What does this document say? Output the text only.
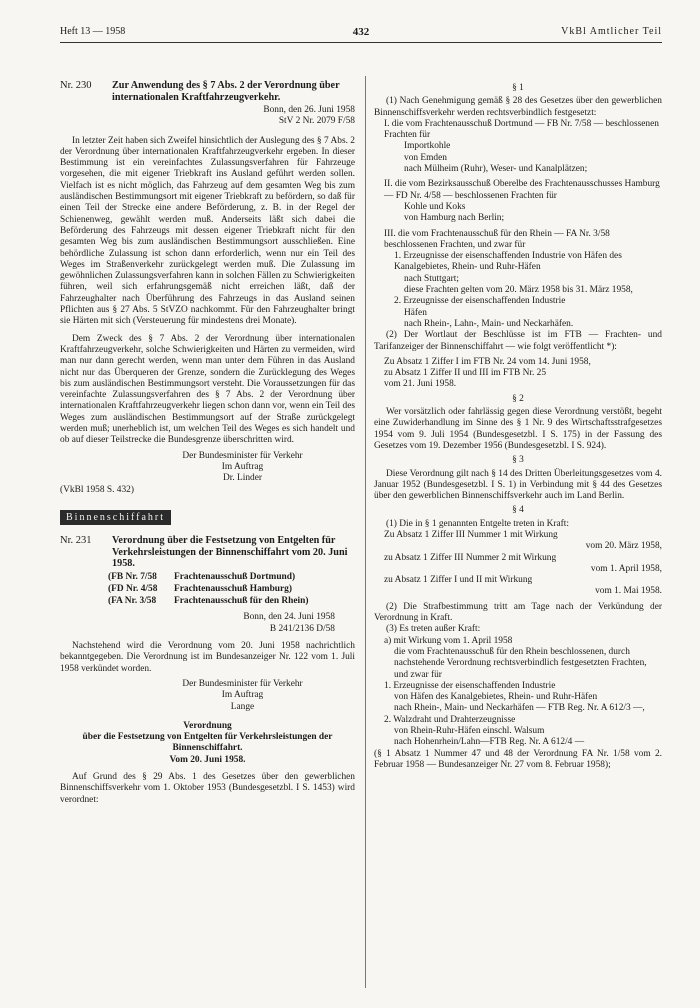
Heft 13 — 1958	432	VkBl Amtlicher Teil
Nr. 230	Zur Anwendung des § 7 Abs. 2 der Verordnung über internationalen Kraftfahrzeugverkehr.

Bonn, den 26. Juni 1958

StV 2 Nr. 2079 F/58

In letzter Zeit haben sich Zweifel hinsichtlich der Auslegung des § 7 Abs. 2 der Verordnung über internationalen Kraftfahrzeugverkehr ergeben. In dieser Bestimmung ist ein vereinfachtes Zulassungsverfahren für Fahrzeuge vorgesehen, die mit eigener Triebkraft ins Ausland geführt werden sollen. Vielfach ist es nicht möglich, das Fahrzeug auf dem gesamten Weg bis zum ausländischen Bestimmungsort mit eigener Triebkraft zu befördern, so daß für einen Teil der Strecke eine andere Beförderung, z. B. in der Regel der Schienenweg, gewählt werden muß. Anderseits läßt sich dabei die Beförderung des Fahrzeugs mit dessen eigener Triebkraft nicht für den gesamten Weg bis zum ausländischen Bestimmungsort ausschließen. Eine behördliche Zulassung ist schon dann erforderlich, wenn nur ein Teil des Weges im Straßenverkehr zurückgelegt werden muß. Die Zulassung im gewöhnlichen Zulassungsverfahren kann in solchen Fällen zu Schwierigkeiten führen, weil sich erfahrungsgemäß nicht erreichen läßt, daß der Fahrzeughalter nach Überführung des Fahrzeugs in das Ausland seinen Pflichten aus § 27 Abs. 5 StVZO nachkommt. Für den Fahrzeughalter bringt sie Härten mit sich (Versteuerung für mindestens drei Monate).

Dem Zweck des § 7 Abs. 2 der Verordnung über internationalen Kraftfahrzeugverkehr, solche Schwierigkeiten und Härten zu vermeiden, wird man nur dann gerecht werden, wenn man unter dem Führen in das Ausland nicht nur das Überqueren der Grenze, sondern die Zurücklegung des Weges bis zum ausländischen Bestimmungsort versteht. Die Voraussetzungen für das vereinfachte Zulassungsverfahren des § 7 Abs. 2 der Verordnung über internationalen Kraftfahrzeugverkehr liegen schon dann vor, wenn ein Teil des Weges zum ausländischen Bestimmungsort auf der Straße zurückgelegt werden muß; unerheblich ist, um welchen Teil des Weges es sich handelt und ob auf dieser Teilstrecke die Bundesgrenze überschritten wird.

Der Bundesminister für Verkehr

Im Auftrag

Dr. Linder

(VkBl 1958 S. 432)

Binnenschiffahrt
Nr. 231	Verordnung über die Festsetzung von Entgelten für Verkehrsleistungen der Binnenschiffahrt vom 20. Juni 1958.
(FB Nr. 7/58	Frachtenausschuß Dortmund)
(FD Nr. 4/58	Frachtenausschuß Hamburg)
(FA Nr. 3/58	Frachtenausschuß für den Rhein)

Bonn, den 24. Juni 1958

B 241/2136 D/58

Nachstehend wird die Verordnung vom 20. Juni 1958 nachrichtlich bekanntgegeben. Die Verordnung ist im Bundesanzeiger Nr. 122 vom 1. Juli 1958 verkündet worden.

Der Bundesminister für Verkehr

Im Auftrag

Lange

Verordnung

über die Festsetzung von Entgelten für Verkehrsleistungen der Binnenschiffahrt.

Vom 20. Juni 1958.

Auf Grund des § 29 Abs. 1 des Gesetzes über den gewerblichen Binnenschiffsverkehr vom 1. Oktober 1953 (Bundesgesetzbl. I S. 1453) wird verordnet:

§ 1

(1) Nach Genehmigung gemäß § 28 des Gesetzes über den gewerblichen Binnenschiffsverkehr werden rechtsverbindlich festgesetzt:

I. die vom Frachtenausschuß Dortmund — FB Nr. 7/58 — beschlossenen Frachten für

Importkohle

von Emden

nach Mülheim (Ruhr), Weser- und Kanalplätzen;

II. die vom Bezirksausschuß Oberelbe des Frachtenausschusses Hamburg — FD Nr. 4/58 — beschlossenen Frachten für

Kohle und Koks

von Hamburg nach Berlin;

III. die vom Frachtenausschuß für den Rhein — FA Nr. 3/58 beschlossenen Frachten, und zwar für

1. Erzeugnisse der eisenschaffenden Industrie von Häfen des Kanalgebietes, Rhein- und Ruhr-Häfen

nach Stuttgart;

diese Frachten gelten vom 20. März 1958 bis 31. März 1958,

2. Erzeugnisse der eisenschaffenden Industrie

Häfen

nach Rhein-, Lahn-, Main- und Neckarhäfen.

(2) Der Wortlaut der Beschlüsse ist im FTB — Frachten- und Tarifanzeiger der Binnenschiffahrt — wie folgt veröffentlicht *):

Zu Absatz 1 Ziffer I im FTB Nr. 24 vom 14. Juni 1958,

zu Absatz 1 Ziffer II und III im FTB Nr. 25

vom 21. Juni 1958.

§ 2

Wer vorsätzlich oder fahrlässig gegen diese Verordnung verstößt, begeht eine Zuwiderhandlung im Sinne des § 1 Nr. 9 des Wirtschaftsstrafgesetzes 1954 vom 9. Juli 1954 (Bundesgesetzbl. I S. 175) in der Fassung des Gesetzes vom 19. Dezember 1956 (Bundesgesetzbl. I S. 924).

§ 3

Diese Verordnung gilt nach § 14 des Dritten Überleitungsgesetzes vom 4. Januar 1952 (Bundesgesetzbl. I S. 1) in Verbindung mit § 44 des Gesetzes über den gewerblichen Binnenschiffsverkehr auch im Land Berlin.

§ 4

(1) Die in § 1 genannten Entgelte treten in Kraft:

Zu Absatz 1 Ziffer III Nummer 1 mit Wirkung

vom 20. März 1958,

zu Absatz 1 Ziffer III Nummer 2 mit Wirkung

vom 1. April 1958,

zu Absatz 1 Ziffer I und II mit Wirkung

vom 1. Mai 1958.

(2) Die Strafbestimmung tritt am Tage nach der Verkündung der Verordnung in Kraft.

(3) Es treten außer Kraft:

a) mit Wirkung vom 1. April 1958

die vom Frachtenausschuß für den Rhein beschlossenen, durch nachstehende Verordnung rechtsverbindlich festgesetzten Frachten, und zwar für

1. Erzeugnisse der eisenschaffenden Industrie

von Häfen des Kanalgebietes, Rhein- und Ruhr-Häfen

nach Rhein-, Main- und Neckarhäfen — FTB Reg. Nr. A 612/3 —,

2. Walzdraht und Drahterzeugnisse

von Rhein-Ruhr-Häfen einschl. Walsum

nach Hohenrhein/Lahn—FTB Reg. Nr. A 612/4 —

(§ 1 Absatz 1 Nummer 47 und 48 der Verordnung FA Nr. 1/58 vom 2. Februar 1958 — Bundesanzeiger Nr. 27 vom 8. Februar 1958);
